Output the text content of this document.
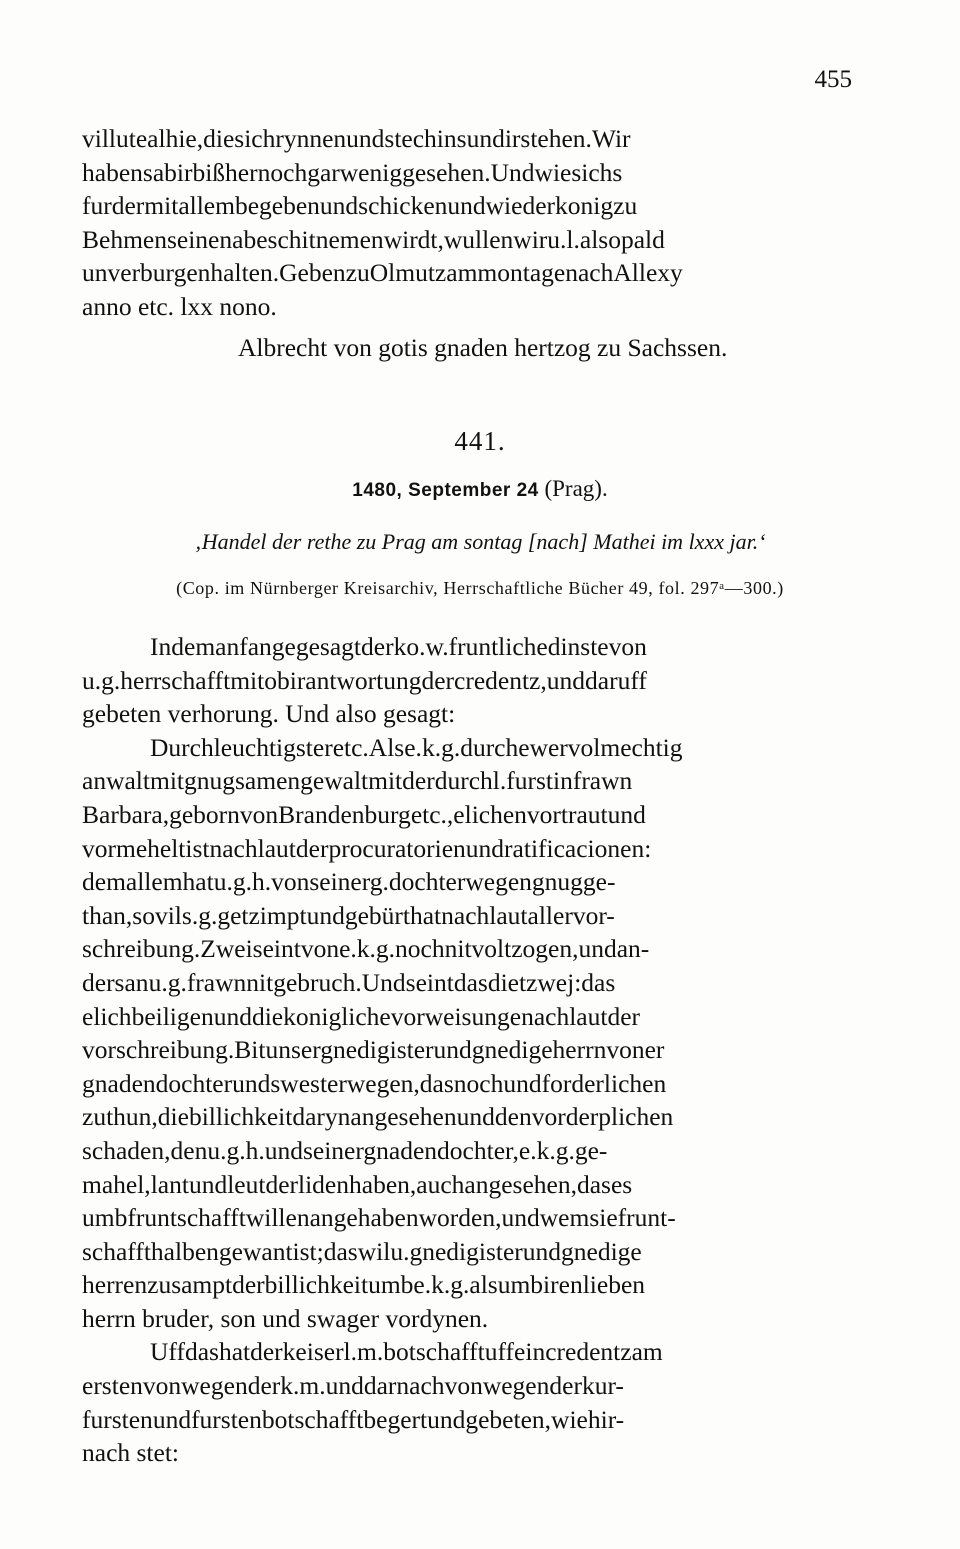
455
villutealhie,diesichrynnenundstechinsundirstehen.Wir
habensabirbißhernochgarweniggesehen.Undwiesichs
furdermitallembegebenundschickenundwiederkonigzu
Behmenseinenabeschitnemenwirdt,wullenwiru.l.alsopald
unverburgenhalten.GebenzuOlmutzammontagenachAllexy
anno etc. lxx nono.
Albrecht von gotis gnaden hertzog zu Sachssen.
441.
1480, September 24 (Prag).
‚Handel der rethe zu Prag am sontag [nach] Mathei im lxxx jar.‘
(Cop. im Nürnberger Kreisarchiv, Herrschaftliche Bücher 49, fol. 297ᵃ—300.)
Indemanfangegesagtderko.w.fruntlichedinstevon
u.g.herrschafftmitobirantwortungdercredentz,unddaruff
gebeten verhorung. Und also gesagt:
Durchleuchtigsteretc.Alse.k.g.durchewervolmechtig
anwaltmitgnugsamengewaltmitderdurchl.furstinfrawn
Barbara,gebornvonBrandenburgetc.,elichenvortrautund
vormeheltistnachlautderprocuratorienundratificacionen:
demallemhatu.g.h.vonseinerg.dochterwegengnugge-
than,sovils.g.getzimptundgebürthatnachlautallervor-
schreibung.Zweiseintvone.k.g.nochnitvoltzogen,undan-
dersanu.g.frawnnitgebruch.Undseintdasdietzwej:das
elichbeiligenunddiekoniglichevorweisungenachlautder
vorschreibung.Bitunsergnedigisterundgnedigeherrnvoner
gnadendochterundswesterwegen,dasnochundforderlichen
zuthun,diebillichkeitdarynangesehenunddenvorderplichen
schaden,denu.g.h.undseinergnadendochter,e.k.g.ge-
mahel,lantundleutderlidenhaben,auchangesehen,dases
umbfruntschafftwillenangehabenworden,undwemsiefrunt-
schaffthalbengewantist;daswilu.gnedigisterundgnedige
herrenzusamptderbillichkeitumbe.k.g.alsumbirenlieben
herrn bruder, son und swager vordynen.
Uffdashatderkeiserl.m.botschafftuffeincredentzam
erstenvonwegenderk.m.unddarnachvonwegenderkur-
furstenundfurstenbotschafftbegertundgebeten,wiehir-
nach stet:
